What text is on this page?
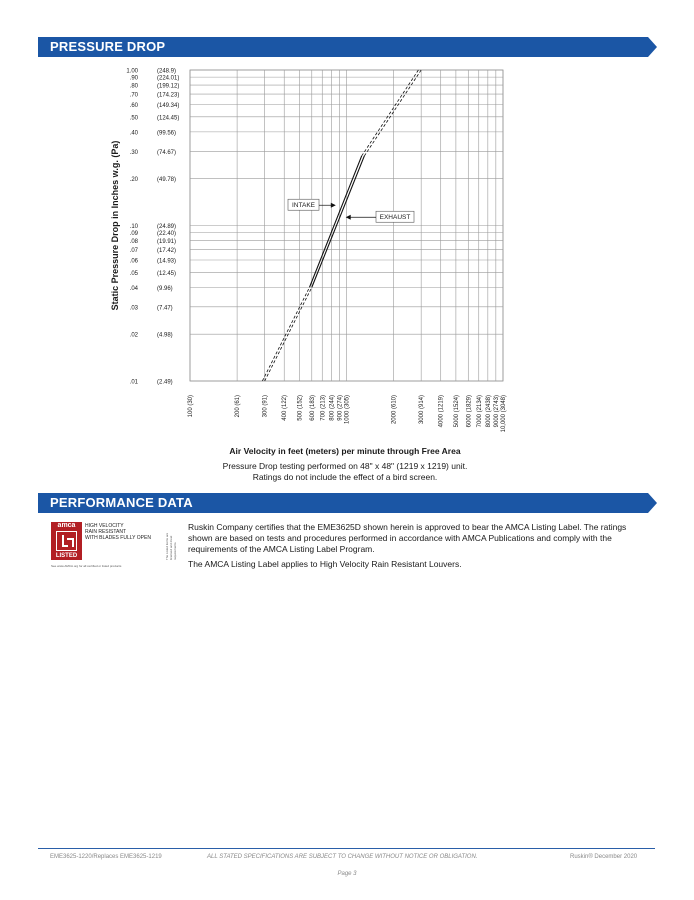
PRESSURE DROP
1.00	(248.9)
.90	(224.01)
.80	(199.12)
.70	(174.23)
.60	(149.34)
.50	(124.45)
.40	(99.56)
.30	(74.67)
.20	(49.78)
.10	(24.89)
.09	(22.40)
.08	(19.91)
.07	(17.42)
.06	(14.93)
.05	(12.45)
.04	(9.96)
.03	(7.47)
.02	(4.98)
.01	(2.49)
100 (30)	200 (61)	300 (91) 400 (122) 500 (152) 600 (183) 700 (213) 800 (244) 900 (274) 1000 (305)	2000 (610)	3000 (914) 4000 (1219) 5000 (1524) 6000 (1829) 7000 (2134) 8000 (2438) 9000 (2743) 10,000 (3048)
Static Pressure Drop in Inches w.g. (Pa)	INTAKE
EXHAUST
Air Velocity in feet (meters) per minute through Free Area
Pressure Drop testing performed on 48" x 48" (1219 x 1219) unit.
Ratings do not include the effect of a bird screen.
PERFORMANCE DATA
amca
LISTED
HIGH VELOCITY
RAIN RESISTANT
WITH BLADES FULLY OPEN
See www.AMCA.org for all certified or listed products
The Listed items are licensed and meet requirements.

Ruskin Company certifies that the EME3625D shown herein is approved to bear the AMCA Listing Label. The ratings shown are based on tests and procedures performed in accordance with AMCA Publications and comply with the requirements of the AMCA Listing Label Program.

The AMCA Listing Label applies to High Velocity Rain Resistant Louvers.

EME3625-1220/Replaces EME3625-1219	ALL STATED SPECIFICATIONS ARE SUBJECT TO CHANGE WITHOUT NOTICE OR OBLIGATION.	Ruskin® December 2020
Page 3
